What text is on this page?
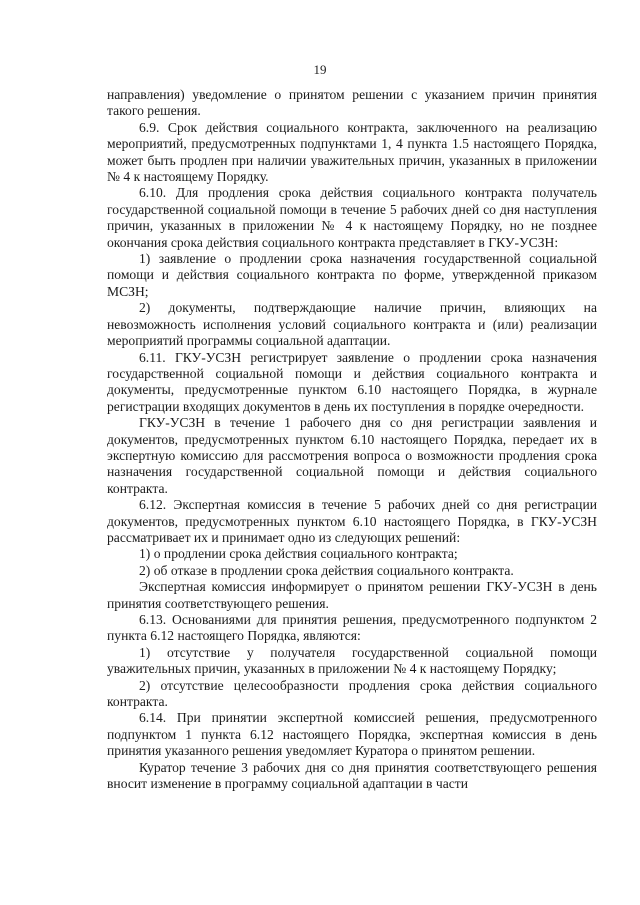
19

направления) уведомление о принятом решении с указанием причин принятия такого решения.

6.9. Срок действия социального контракта, заключенного на реализацию мероприятий, предусмотренных подпунктами 1, 4 пункта 1.5 настоящего Порядка, может быть продлен при наличии уважительных причин, указанных в приложении № 4 к настоящему Порядку.

6.10. Для продления срока действия социального контракта получатель государственной социальной помощи в течение 5 рабочих дней со дня наступления причин, указанных в приложении № 4 к настоящему Порядку, но не позднее окончания срока действия социального контракта представляет в ГКУ-УСЗН:

1) заявление о продлении срока назначения государственной социальной помощи и действия социального контракта по форме, утвержденной приказом МСЗН;

2) документы, подтверждающие наличие причин, влияющих на невозможность исполнения условий социального контракта и (или) реализации мероприятий программы социальной адаптации.

6.11. ГКУ-УСЗН регистрирует заявление о продлении срока назначения государственной социальной помощи и действия социального контракта и документы, предусмотренные пунктом 6.10 настоящего Порядка, в журнале регистрации входящих документов в день их поступления в порядке очередности.

ГКУ-УСЗН в течение 1 рабочего дня со дня регистрации заявления и документов, предусмотренных пунктом 6.10 настоящего Порядка, передает их в экспертную комиссию для рассмотрения вопроса о возможности продления срока назначения государственной социальной помощи и действия социального контракта.

6.12. Экспертная комиссия в течение 5 рабочих дней со дня регистрации документов, предусмотренных пунктом 6.10 настоящего Порядка, в ГКУ-УСЗН рассматривает их и принимает одно из следующих решений:

1) о продлении срока действия социального контракта;

2) об отказе в продлении срока действия социального контракта.

Экспертная комиссия информирует о принятом решении ГКУ-УСЗН в день принятия соответствующего решения.

6.13. Основаниями для принятия решения, предусмотренного подпунктом 2 пункта 6.12 настоящего Порядка, являются:

1) отсутствие у получателя государственной социальной помощи уважительных причин, указанных в приложении № 4 к настоящему Порядку;

2) отсутствие целесообразности продления срока действия социального контракта.

6.14. При принятии экспертной комиссией решения, предусмотренного подпунктом 1 пункта 6.12 настоящего Порядка, экспертная комиссия в день принятия указанного решения уведомляет Куратора о принятом решении.

Куратор течение 3 рабочих дня со дня принятия соответствующего решения вносит изменение в программу социальной адаптации в части
